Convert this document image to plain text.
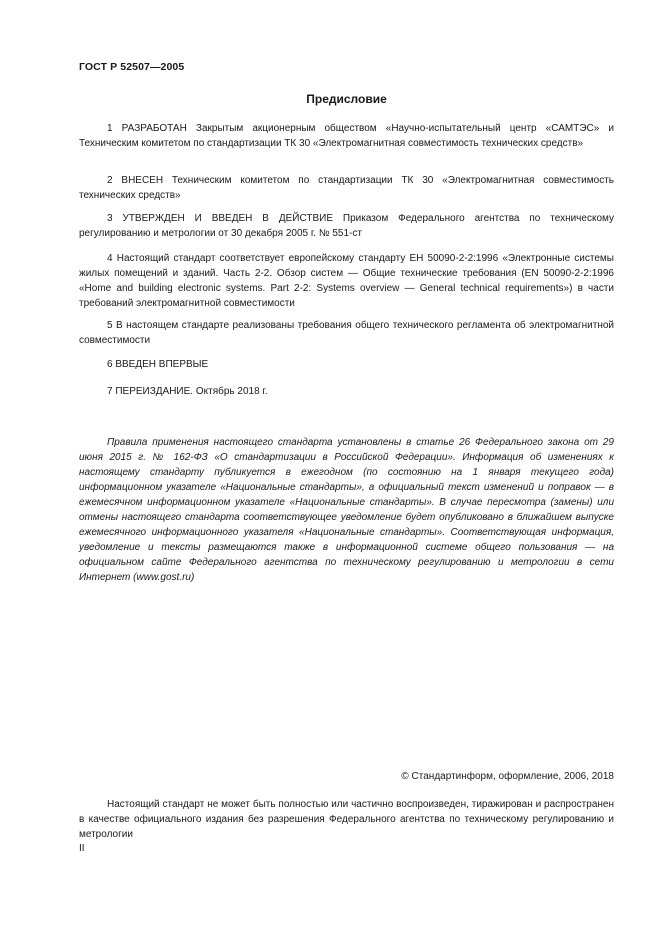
ГОСТ Р 52507—2005
Предисловие

1 РАЗРАБОТАН Закрытым акционерным обществом «Научно-испытательный центр «САМТЭС» и Техническим комитетом по стандартизации ТК 30 «Электромагнитная совместимость технических средств»

2 ВНЕСЕН Техническим комитетом по стандартизации ТК 30 «Электромагнитная совместимость технических средств»

3 УТВЕРЖДЕН И ВВЕДЕН В ДЕЙСТВИЕ Приказом Федерального агентства по техническому регулированию и метрологии от 30 декабря 2005 г. № 551-ст

4 Настоящий стандарт соответствует европейскому стандарту ЕН 50090-2-2:1996 «Электронные системы жилых помещений и зданий. Часть 2-2. Обзор систем — Общие технические требования (EN 50090-2-2:1996 «Home and building electronic systems. Part 2-2: Systems overview — General technical requirements») в части требований электромагнитной совместимости

5 В настоящем стандарте реализованы требования общего технического регламента об электромагнитной совместимости

6 ВВЕДЕН ВПЕРВЫЕ

7 ПЕРЕИЗДАНИЕ. Октябрь 2018 г.

Правила применения настоящего стандарта установлены в статье 26 Федерального закона от 29 июня 2015 г. № 162-ФЗ «О стандартизации в Российской Федерации». Информация об изменениях к настоящему стандарту публикуется в ежегодном (по состоянию на 1 января текущего года) информационном указателе «Национальные стандарты», а официальный текст изменений и поправок — в ежемесячном информационном указателе «Национальные стандарты». В случае пересмотра (замены) или отмены настоящего стандарта соответствующее уведомление будет опубликовано в ближайшем выпуске ежемесячного информационного указателя «Национальные стандарты». Соответствующая информация, уведомление и тексты размещаются также в информационной системе общего пользования — на официальном сайте Федерального агентства по техническому регулированию и метрологии в сети Интернет (www.gost.ru)

© Стандартинформ, оформление, 2006, 2018

Настоящий стандарт не может быть полностью или частично воспроизведен, тиражирован и распространен в качестве официального издания без разрешения Федерального агентства по техническому регулированию и метрологии

II
